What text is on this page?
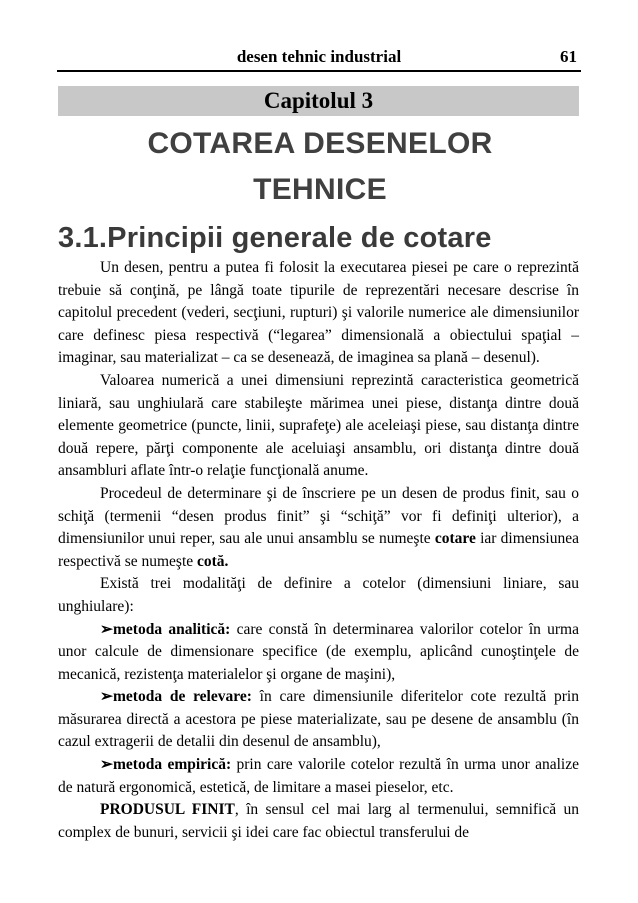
desen tehnic industrial	61
Capitolul 3
COTAREA DESENELOR
TEHNICE
3.1.Principii generale de cotare

Un desen, pentru a putea fi folosit la executarea piesei pe care o reprezintă trebuie să conţină, pe lângă toate tipurile de reprezentări necesare descrise în capitolul precedent (vederi, secţiuni, rupturi) şi valorile numerice ale dimensiunilor care definesc piesa respectivă (“legarea” dimensională a obiectului spaţial – imaginar, sau materializat – ca se desenează, de imaginea sa plană – desenul).

Valoarea numerică a unei dimensiuni reprezintă caracteristica geometrică liniară, sau unghiulară care stabileşte mărimea unei piese, distanţa dintre două elemente geometrice (puncte, linii, suprafeţe) ale aceleiaşi piese, sau distanţa dintre două repere, părţi componente ale aceluiaşi ansamblu, ori distanţa dintre două ansambluri aflate într-o relaţie funcţională anume.

Procedeul de determinare şi de înscriere pe un desen de produs finit, sau o schiţă (termenii “desen produs finit” şi “schiţă” vor fi definiţi ulterior), a dimensiunilor unui reper, sau ale unui ansamblu se numeşte cotare iar dimensiunea respectivă se numeşte cotă.

Există trei modalităţi de definire a cotelor (dimensiuni liniare, sau unghiulare):

➢metoda analitică: care constă în determinarea valorilor cotelor în urma unor calcule de dimensionare specifice (de exemplu, aplicând cunoştinţele de mecanică, rezistenţa materialelor şi organe de maşini),

➢metoda de relevare: în care dimensiunile diferitelor cote rezultă prin măsurarea directă a acestora pe piese materializate, sau pe desene de ansamblu (în cazul extragerii de detalii din desenul de ansamblu),

➢metoda empirică: prin care valorile cotelor rezultă în urma unor analize de natură ergonomică, estetică, de limitare a masei pieselor, etc.

PRODUSUL FINIT, în sensul cel mai larg al termenului, semnifică un complex de bunuri, servicii şi idei care fac obiectul transferului de
